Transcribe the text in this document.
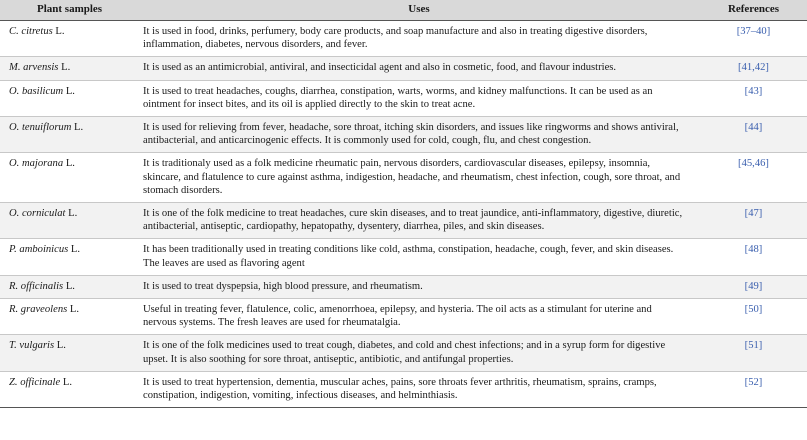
Plant samples	Uses	References
C. citretus L.	It is used in food, drinks, perfumery, body care products, and soap manufacture and also in treating digestive disorders, inflammation, diabetes, nervous disorders, and fever.	[37–40]
M. arvensis L.	It is used as an antimicrobial, antiviral, and insecticidal agent and also in cosmetic, food, and flavour industries.	[41,42]
O. basilicum L.	It is used to treat headaches, coughs, diarrhea, constipation, warts, worms, and kidney malfunctions. It can be used as an ointment for insect bites, and its oil is applied directly to the skin to treat acne.	[43]
O. tenuiflorum L.	It is used for relieving from fever, headache, sore throat, itching skin disorders, and issues like ringworms and shows antiviral, antibacterial, and anticarcinogenic effects. It is commonly used for cold, cough, flu, and chest congestion.	[44]
O. majorana L.	It is traditionaly used as a folk medicine rheumatic pain, nervous disorders, cardiovascular diseases, epilepsy, insomnia, skincare, and flatulence to cure against asthma, indigestion, headache, and rheumatism, chest infection, cough, sore throat, and stomach disorders.	[45,46]
O. corniculat L.	It is one of the folk medicine to treat headaches, cure skin diseases, and to treat jaundice, anti-inflammatory, digestive, diuretic, antibacterial, antiseptic, cardiopathy, hepatopathy, dysentery, diarrhea, piles, and skin diseases.	[47]
P. amboinicus L.	It has been traditionally used in treating conditions like cold, asthma, constipation, headache, cough, fever, and skin diseases. The leaves are used as flavoring agent	[48]
R. officinalis L.	It is used to treat dyspepsia, high blood pressure, and rheumatism.	[49]
R. graveolens L.	Useful in treating fever, flatulence, colic, amenorrhoea, epilepsy, and hysteria. The oil acts as a stimulant for uterine and nervous systems. The fresh leaves are used for rheumatalgia.	[50]
T. vulgaris L.	It is one of the folk medicines used to treat cough, diabetes, and cold and chest infections; and in a syrup form for digestive upset. It is also soothing for sore throat, antiseptic, antibiotic, and antifungal properties.	[51]
Z. officinale L.	It is used to treat hypertension, dementia, muscular aches, pains, sore throats fever arthritis, rheumatism, sprains, cramps, constipation, indigestion, vomiting, infectious diseases, and helminthiasis.	[52]
